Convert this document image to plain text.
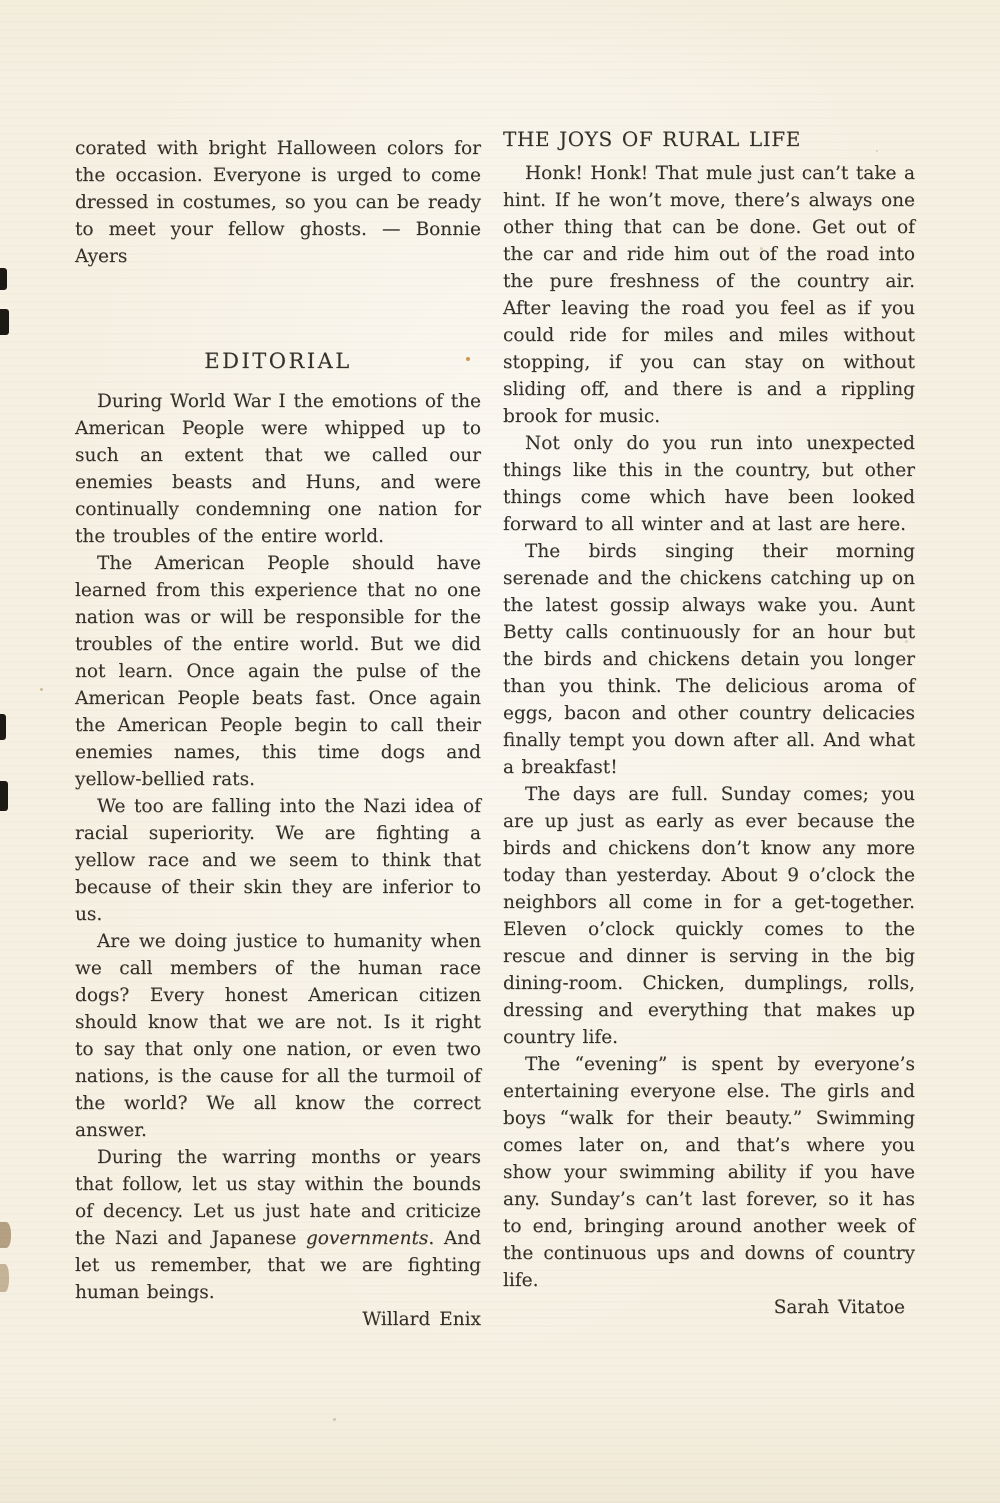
corated with bright Halloween colors for the occasion. Everyone is urged to come dressed in costumes, so you can be ready to meet your fellow ghosts. — Bonnie Ayers

EDITORIAL

During World War I the emotions of the American People were whipped up to such an extent that we called our enemies beasts and Huns, and were continually condemning one nation for the troubles of the entire world.

The American People should have learned from this experience that no one nation was or will be responsible for the troubles of the entire world. But we did not learn. Once again the pulse of the American People beats fast. Once again the American People begin to call their enemies names, this time dogs and yellow-bellied rats.

We too are falling into the Nazi idea of racial superiority. We are fighting a yellow race and we seem to think that because of their skin they are inferior to us.

Are we doing justice to humanity when we call members of the human race dogs? Every honest American citizen should know that we are not. Is it right to say that only one nation, or even two nations, is the cause for all the turmoil of the world? We all know the correct answer.

During the warring months or years that follow, let us stay within the bounds of decency. Let us just hate and criticize the Nazi and Japanese governments. And let us remember, that we are fighting human beings.

Willard Enix

THE JOYS OF RURAL LIFE

Honk! Honk! That mule just can’t take a hint. If he won’t move, there’s always one other thing that can be done. Get out of the car and ride him out of the road into the pure freshness of the country air. After leaving the road you feel as if you could ride for miles and miles without stopping, if you can stay on without sliding off, and there is and a rippling brook for music.

Not only do you run into unexpected things like this in the country, but other things come which have been looked forward to all winter and at last are here.

The birds singing their morning serenade and the chickens catching up on the latest gossip always wake you. Aunt Betty calls continuously for an hour but the birds and chickens detain you longer than you think. The delicious aroma of eggs, bacon and other country delicacies finally tempt you down after all. And what a breakfast!

The days are full. Sunday comes; you are up just as early as ever because the birds and chickens don’t know any more today than yesterday. About 9 o’clock the neighbors all come in for a get-together. Eleven o’clock quickly comes to the rescue and dinner is serving in the big dining-room. Chicken, dumplings, rolls, dressing and everything that makes up country life.

The “evening” is spent by everyone’s entertaining everyone else. The girls and boys “walk for their beauty.” Swimming comes later on, and that’s where you show your swimming ability if you have any. Sunday’s can’t last forever, so it has to end, bringing around another week of the continuous ups and downs of country life.

Sarah Vitatoe
